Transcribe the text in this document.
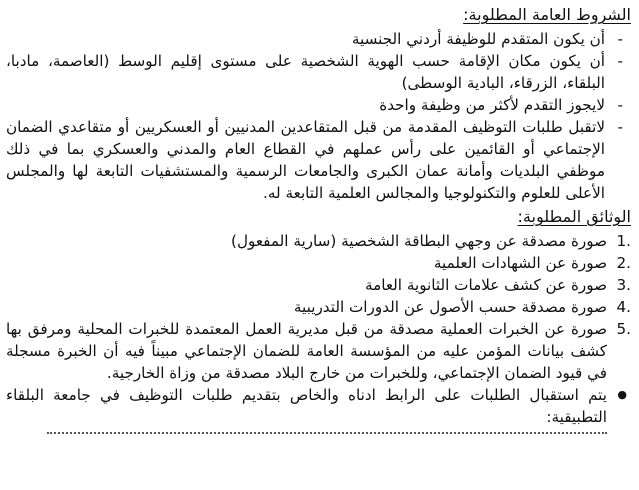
الشروط العامة المطلوبة:
-
أن يكون المتقدم للوظيفة أردني الجنسية
-
أن يكون مكان الإقامة حسب الهوية الشخصية على مستوى إقليم الوسط (العاصمة، مادبا، البلقاء، الزرقاء، البادية الوسطى)
-
لايجوز التقدم لأكثر من وظيفة واحدة
-
لاتقبل طلبات التوظيف المقدمة من قبل المتقاعدين المدنيين أو العسكريين أو متقاعدي الضمان الإجتماعي أو القائمين على رأس عملهم في القطاع العام والمدني والعسكري بما في ذلك موظفي البلديات وأمانة عمان الكبرى والجامعات الرسمية والمستشفيات التابعة لها والمجلس الأعلى للعلوم والتكنولوجيا والمجالس العلمية التابعة له.
الوثائق المطلوبة:
1.
صورة مصدقة عن وجهي البطاقة الشخصية (سارية المفعول)
2.
صورة عن الشهادات العلمية
3.
صورة عن كشف علامات الثانوية العامة
4.
صورة مصدقة حسب الأصول عن الدورات التدريبية
5.
صورة عن الخبرات العملية مصدقة من قبل مديرية العمل المعتمدة للخبرات المحلية ومرفق بها كشف بيانات المؤمن عليه من المؤسسة العامة للضمان الإجتماعي مبيناً فيه أن الخبرة مسجلة في قيود الضمان الإجتماعي، وللخبرات من خارج البلاد مصدقة من وزاة الخارجية.
●
يتم استقبال الطلبات على الرابط ادناه والخاص بتقديم طلبات التوظيف في جامعة البلقاء التطبيقية:
